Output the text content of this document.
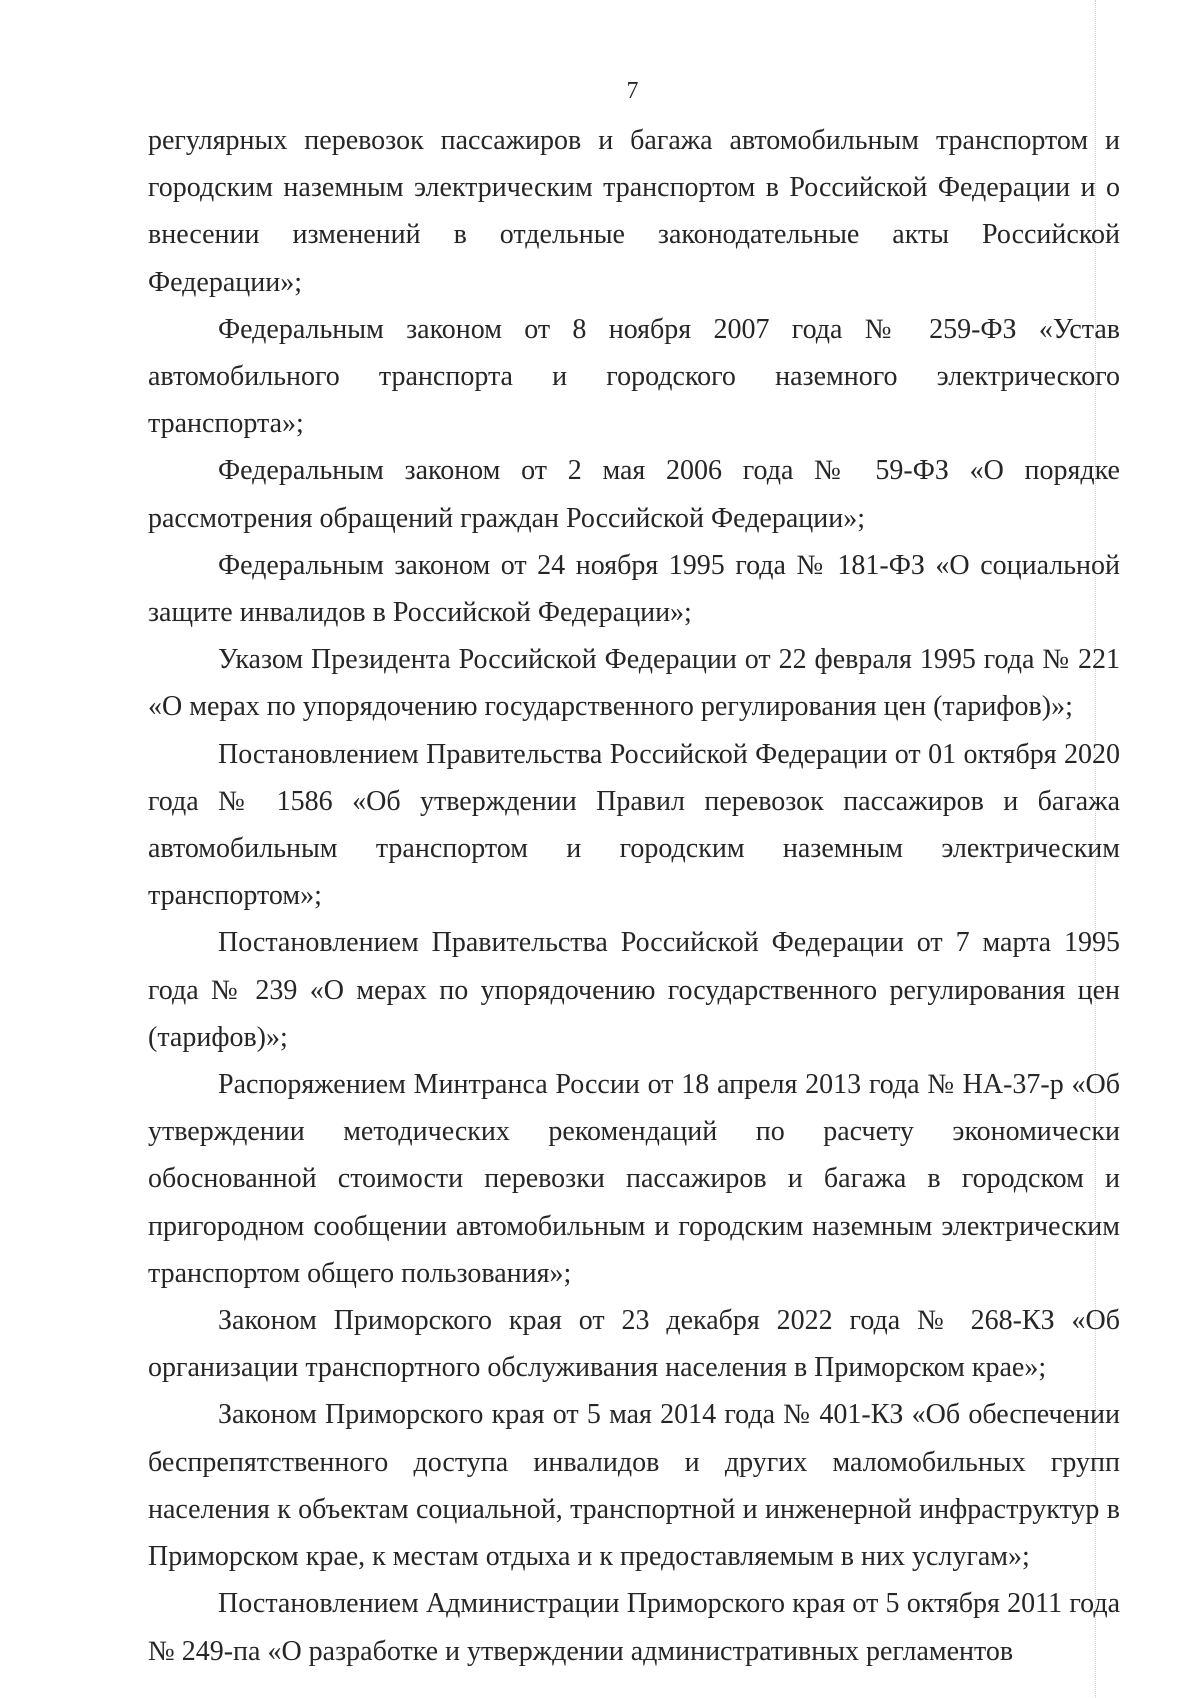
7

регулярных перевозок пассажиров и багажа автомобильным транспортом и городским наземным электрическим транспортом в Российской Федерации и о внесении изменений в отдельные законодательные акты Российской Федерации»;

Федеральным законом от 8 ноября 2007 года № 259-ФЗ «Устав автомобильного транспорта и городского наземного электрического транспорта»;

Федеральным законом от 2 мая 2006 года № 59-ФЗ «О порядке рассмотрения обращений граждан Российской Федерации»;

Федеральным законом от 24 ноября 1995 года № 181-ФЗ «О социальной защите инвалидов в Российской Федерации»;

Указом Президента Российской Федерации от 22 февраля 1995 года № 221 «О мерах по упорядочению государственного регулирования цен (тарифов)»;

Постановлением Правительства Российской Федерации от 01 октября 2020 года № 1586 «Об утверждении Правил перевозок пассажиров и багажа автомобильным транспортом и городским наземным электрическим транспортом»;

Постановлением Правительства Российской Федерации от 7 марта 1995 года № 239 «О мерах по упорядочению государственного регулирования цен (тарифов)»;

Распоряжением Минтранса России от 18 апреля 2013 года № НА-37-р «Об утверждении методических рекомендаций по расчету экономически обоснованной стоимости перевозки пассажиров и багажа в городском и пригородном сообщении автомобильным и городским наземным электрическим транспортом общего пользования»;

Законом Приморского края от 23 декабря 2022 года № 268-КЗ «Об организации транспортного обслуживания населения в Приморском крае»;

Законом Приморского края от 5 мая 2014 года № 401-КЗ «Об обеспечении беспрепятственного доступа инвалидов и других маломобильных групп населения к объектам социальной, транспортной и инженерной инфраструктур в Приморском крае, к местам отдыха и к предоставляемым в них услугам»;

Постановлением Администрации Приморского края от 5 октября 2011 года № 249-па «О разработке и утверждении административных регламентов
